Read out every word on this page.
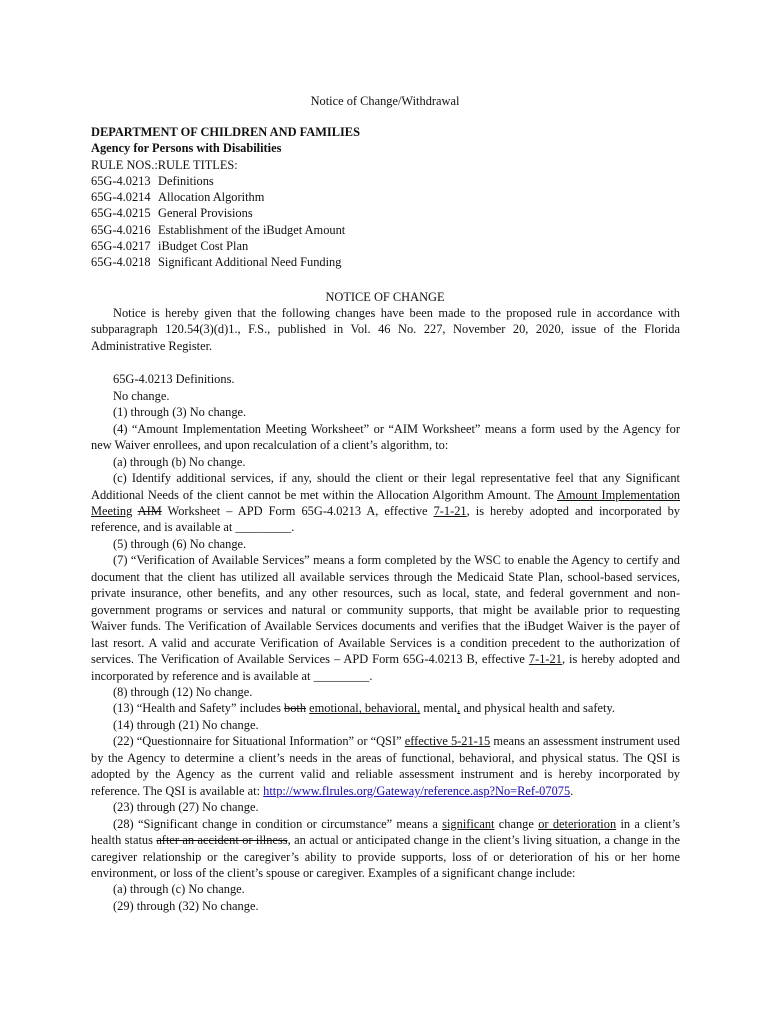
Notice of Change/Withdrawal
DEPARTMENT OF CHILDREN AND FAMILIES
Agency for Persons with Disabilities
RULE NOS.:RULE TITLES:
65G-4.0213 Definitions
65G-4.0214 Allocation Algorithm
65G-4.0215 General Provisions
65G-4.0216 Establishment of the iBudget Amount
65G-4.0217 iBudget Cost Plan
65G-4.0218 Significant Additional Need Funding
NOTICE OF CHANGE

Notice is hereby given that the following changes have been made to the proposed rule in accordance with subparagraph 120.54(3)(d)1., F.S., published in Vol. 46 No. 227, November 20, 2020, issue of the Florida Administrative Register.

65G-4.0213 Definitions.

No change.

(1) through (3) No change.

(4) “Amount Implementation Meeting Worksheet” or “AIM Worksheet” means a form used by the Agency for new Waiver enrollees, and upon recalculation of a client’s algorithm, to:

(a) through (b) No change.

(c) Identify additional services, if any, should the client or their legal representative feel that any Significant Additional Needs of the client cannot be met within the Allocation Algorithm Amount. The Amount Implementation Meeting AIM Worksheet – APD Form 65G-4.0213 A, effective 7-1-21, is hereby adopted and incorporated by reference, and is available at _________.

(5) through (6) No change.

(7) “Verification of Available Services” means a form completed by the WSC to enable the Agency to certify and document that the client has utilized all available services through the Medicaid State Plan, school-based services, private insurance, other benefits, and any other resources, such as local, state, and federal government and non-government programs or services and natural or community supports, that might be available prior to requesting Waiver funds. The Verification of Available Services documents and verifies that the iBudget Waiver is the payer of last resort. A valid and accurate Verification of Available Services is a condition precedent to the authorization of services. The Verification of Available Services – APD Form 65G-4.0213 B, effective 7-1-21, is hereby adopted and incorporated by reference and is available at _________.

(8) through (12) No change.

(13) “Health and Safety” includes both emotional, behavioral, mental, and physical health and safety.

(14) through (21) No change.

(22) “Questionnaire for Situational Information” or “QSI” effective 5-21-15 means an assessment instrument used by the Agency to determine a client’s needs in the areas of functional, behavioral, and physical status. The QSI is adopted by the Agency as the current valid and reliable assessment instrument and is hereby incorporated by reference. The QSI is available at: http://www.flrules.org/Gateway/reference.asp?No=Ref-07075.

(23) through (27) No change.

(28) “Significant change in condition or circumstance” means a significant change or deterioration in a client’s health status after an accident or illness, an actual or anticipated change in the client’s living situation, a change in the caregiver relationship or the caregiver’s ability to provide supports, loss of or deterioration of his or her home environment, or loss of the client’s spouse or caregiver. Examples of a significant change include:

(a) through (c) No change.

(29) through (32) No change.
